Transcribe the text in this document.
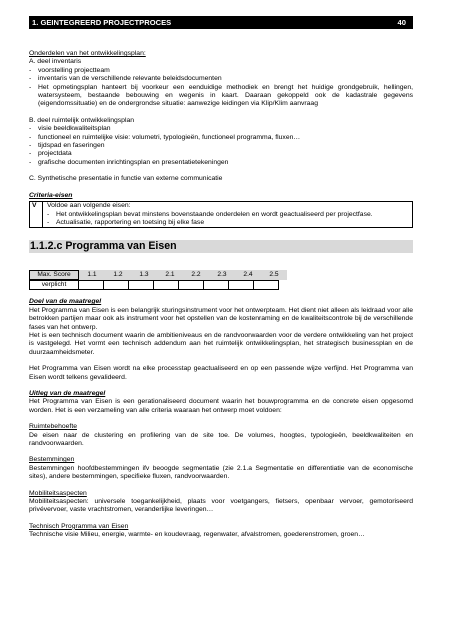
1. GEINTEGREERD PROJECTPROCES	40

Onderdelen van het ontwikkelingsplan:

A. deel inventaris

- voorstelling projectteam
- inventaris van de verschillende relevante beleidsdocumenten
- Het opmetingsplan hanteert bij voorkeur een eenduidige methodiek en brengt het huidige grondgebruik, hellingen, watersysteem, bestaande bebouwing en wegenis in kaart. Daaraan gekoppeld ook de kadastrale gegevens (eigendomssituatie) en de ondergrondse situatie: aanwezige leidingen via Klip/Klim aanvraag

B. deel ruimtelijk ontwikkelingsplan

- visie beeldkwaliteitsplan
- functioneel en ruimtelijke visie: volumetri, typologieën, functioneel programma, fluxen…
- tijdspad en faseringen
- projectdata
- grafische documenten inrichtingsplan en presentatietekeningen

C. Synthetische presentatie in functie van externe communicatie

Criteria-eisen

V	Voldoe aan volgende eisen:

- Het ontwikkelingsplan bevat minstens bovenstaande onderdelen en wordt geactualiseerd per projectfase.
- Actualisatie, rapportering en toetsing bij elke fase
1.1.2.c Programma van Eisen
Max. Score	1.1	1.2	1.3	2.1	2.2	2.3	2.4	2.5
verplicht

Doel van de maatregel

Het Programma van Eisen is een belangrijk sturingsinstrument voor het ontwerpteam. Het dient niet alleen als leidraad voor alle betrokken partijen maar ook als instrument voor het opstellen van de kostenraming en de kwaliteitscontrole bij de verschillende fases van het ontwerp.

Het is een technisch document waarin de ambitieniveaus en de randvoorwaarden voor de verdere ontwikkeling van het project is vastgelegd. Het vormt een technisch addendum aan het ruimtelijk ontwikkelingsplan, het strategisch businessplan en de duurzaamheidsmeter.

Het Programma van Eisen wordt na elke processtap geactualiseerd en op een passende wijze verfijnd. Het Programma van Eisen wordt telkens gevalideerd.

Uitleg van de maatregel

Het Programma van Eisen is een gerationaliseerd document waarin het bouwprogramma en de concrete eisen opgesomd worden. Het is een verzameling van alle criteria waaraan het ontwerp moet voldoen:

Ruimtebehoefte

De eisen naar de clustering en profilering van de site toe. De volumes, hoogtes, typologieën, beeldkwaliteiten en randvoorwaarden.

Bestemmingen

Bestemmingen hoofdbestemmingen ifv beoogde segmentatie (zie 2.1.a Segmentatie en differentiatie van de economische sites), andere bestemmingen, specifieke fluxen, randvoorwaarden.

Mobiliteitsaspecten

Mobiliteitsaspecten: universele toegankelijkheid, plaats voor voetgangers, fietsers, openbaar vervoer, gemotoriseerd privévervoer, vaste vrachtstromen, veranderlijke leveringen…

Technisch Programma van Eisen

Technische visie Milieu, energie, warmte- en koudevraag, regenwater, afvalstromen, goederenstromen, groen…
